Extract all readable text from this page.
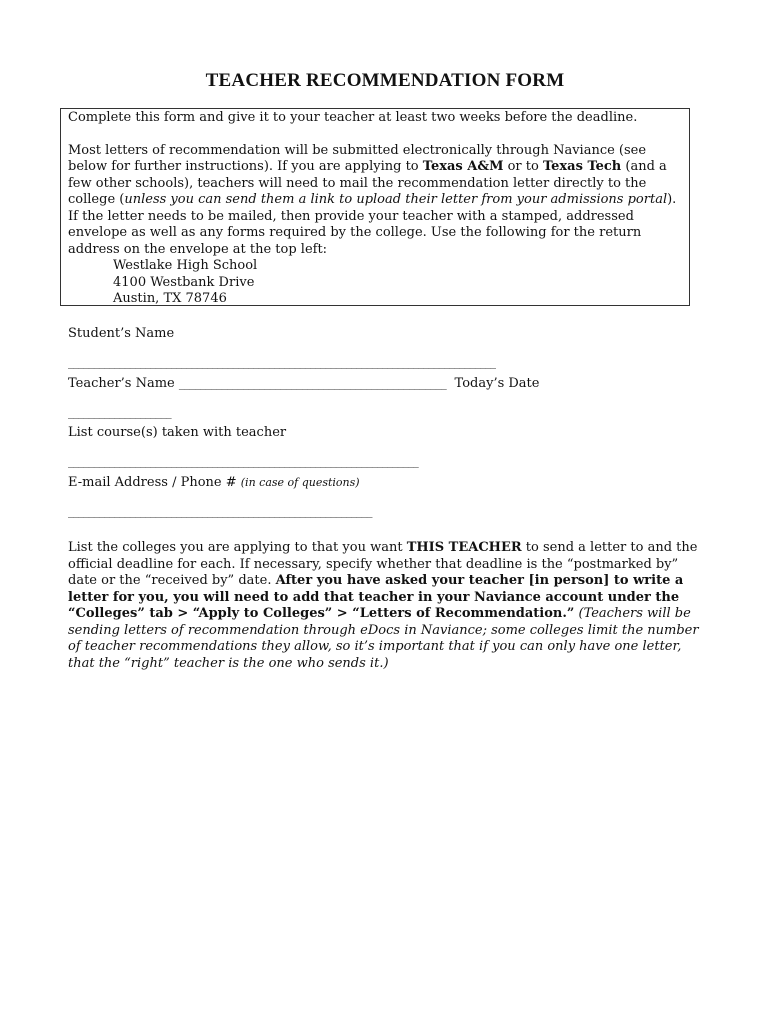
TEACHER RECOMMENDATION FORM

Complete this form and give it to your teacher at least two weeks before the deadline.

Most letters of recommendation will be submitted electronically through Naviance (see below for further instructions). If you are applying to Texas A&M or to Texas Tech (and a few other schools), teachers will need to mail the recommendation letter directly to the college (unless you can send them a link to upload their letter from your admissions portal). If the letter needs to be mailed, then provide your teacher with a stamped, addressed envelope as well as any forms required by the college. Use the following for the return address on the envelope at the top left:

Westlake High School

4100 Westbank Drive

Austin, TX 78746

Student’s Name
___________________________________________________________________________________
Teacher’s Name __________________________________________________ Today’s Date
____________________
List course(s) taken with teacher
____________________________________________________________________
E-mail Address / Phone # (in case of questions)
___________________________________________________________

List the colleges you are applying to that you want THIS TEACHER to send a letter to and the official deadline for each. If necessary, specify whether that deadline is the “postmarked by” date or the “received by” date. After you have asked your teacher [in person] to write a letter for you, you will need to add that teacher in your Naviance account under the “Colleges” tab > “Apply to Colleges” > “Letters of Recommendation.” (Teachers will be sending letters of recommendation through eDocs in Naviance; some colleges limit the number of teacher recommendations they allow, so it’s important that if you can only have one letter, that the “right” teacher is the one who sends it.)
